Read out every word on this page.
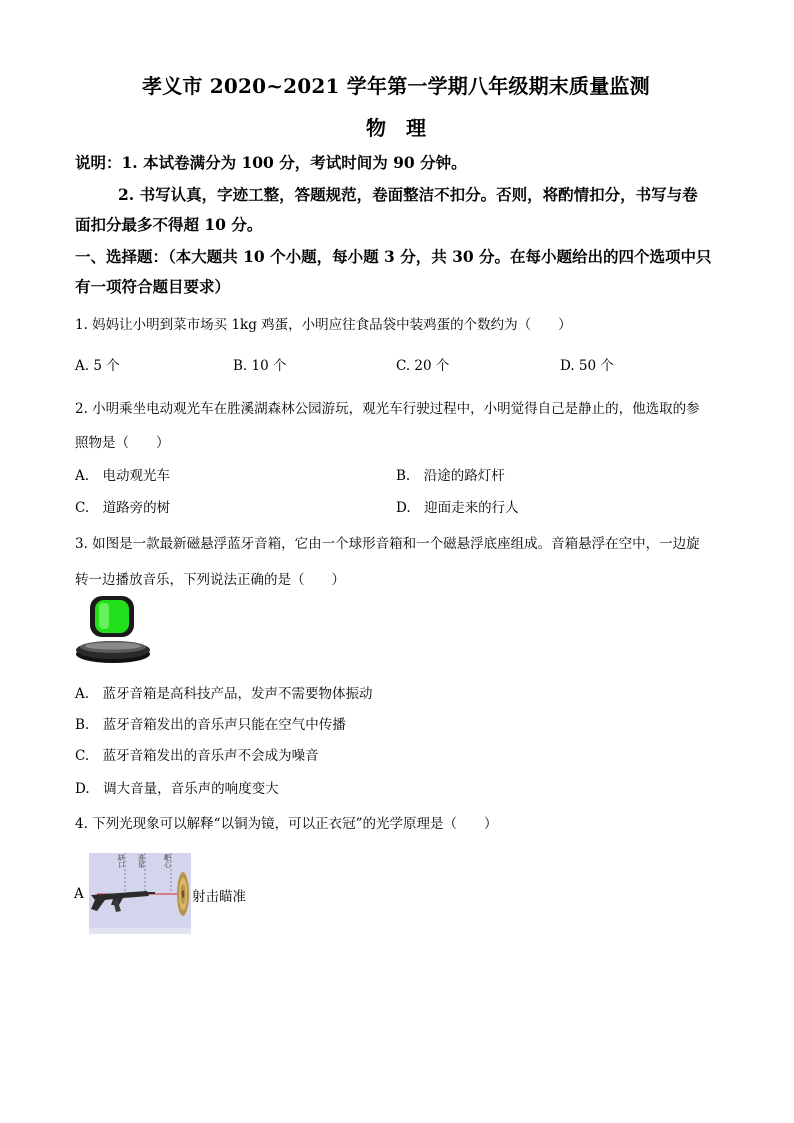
孝义市 2020~2021 学年第一学期八年级期末质量监测
物　理
说明：1. 本试卷满分为 100 分，考试时间为 90 分钟。
2. 书写认真，字迹工整，答题规范，卷面整洁不扣分。否则，将酌情扣分，书写与卷
面扣分最多不得超 10 分。
一、选择题：（本大题共 10 个小题，每小题 3 分，共 30 分。在每小题给出的四个选项中只
有一项符合题目要求）
1. 妈妈让小明到菜市场买 1kg 鸡蛋，小明应往食品袋中装鸡蛋的个数约为（　　）
A. 5 个	B. 10 个	C. 20 个	D. 50 个
2. 小明乘坐电动观光车在胜溪湖森林公园游玩，观光车行驶过程中，小明觉得自己是静止的，他选取的参
照物是（　　）
A.　电动观光车	B.　沿途的路灯杆
C.　道路旁的树	D.　迎面走来的行人
3. 如图是一款最新磁悬浮蓝牙音箱，它由一个球形音箱和一个磁悬浮底座组成。音箱悬浮在空中，一边旋
转一边播放音乐，下列说法正确的是（　　）
A.　蓝牙音箱是高科技产品，发声不需要物体振动
B.　蓝牙音箱发出的音乐声只能在空气中传播
C.　蓝牙音箱发出的音乐声不会成为噪音
D.　调大音量，音乐声的响度变大
4. 下列光现象可以解释“以铜为镜，可以正衣冠”的光学原理是（　　）
A
缺口
准星
靶心
射击瞄准
